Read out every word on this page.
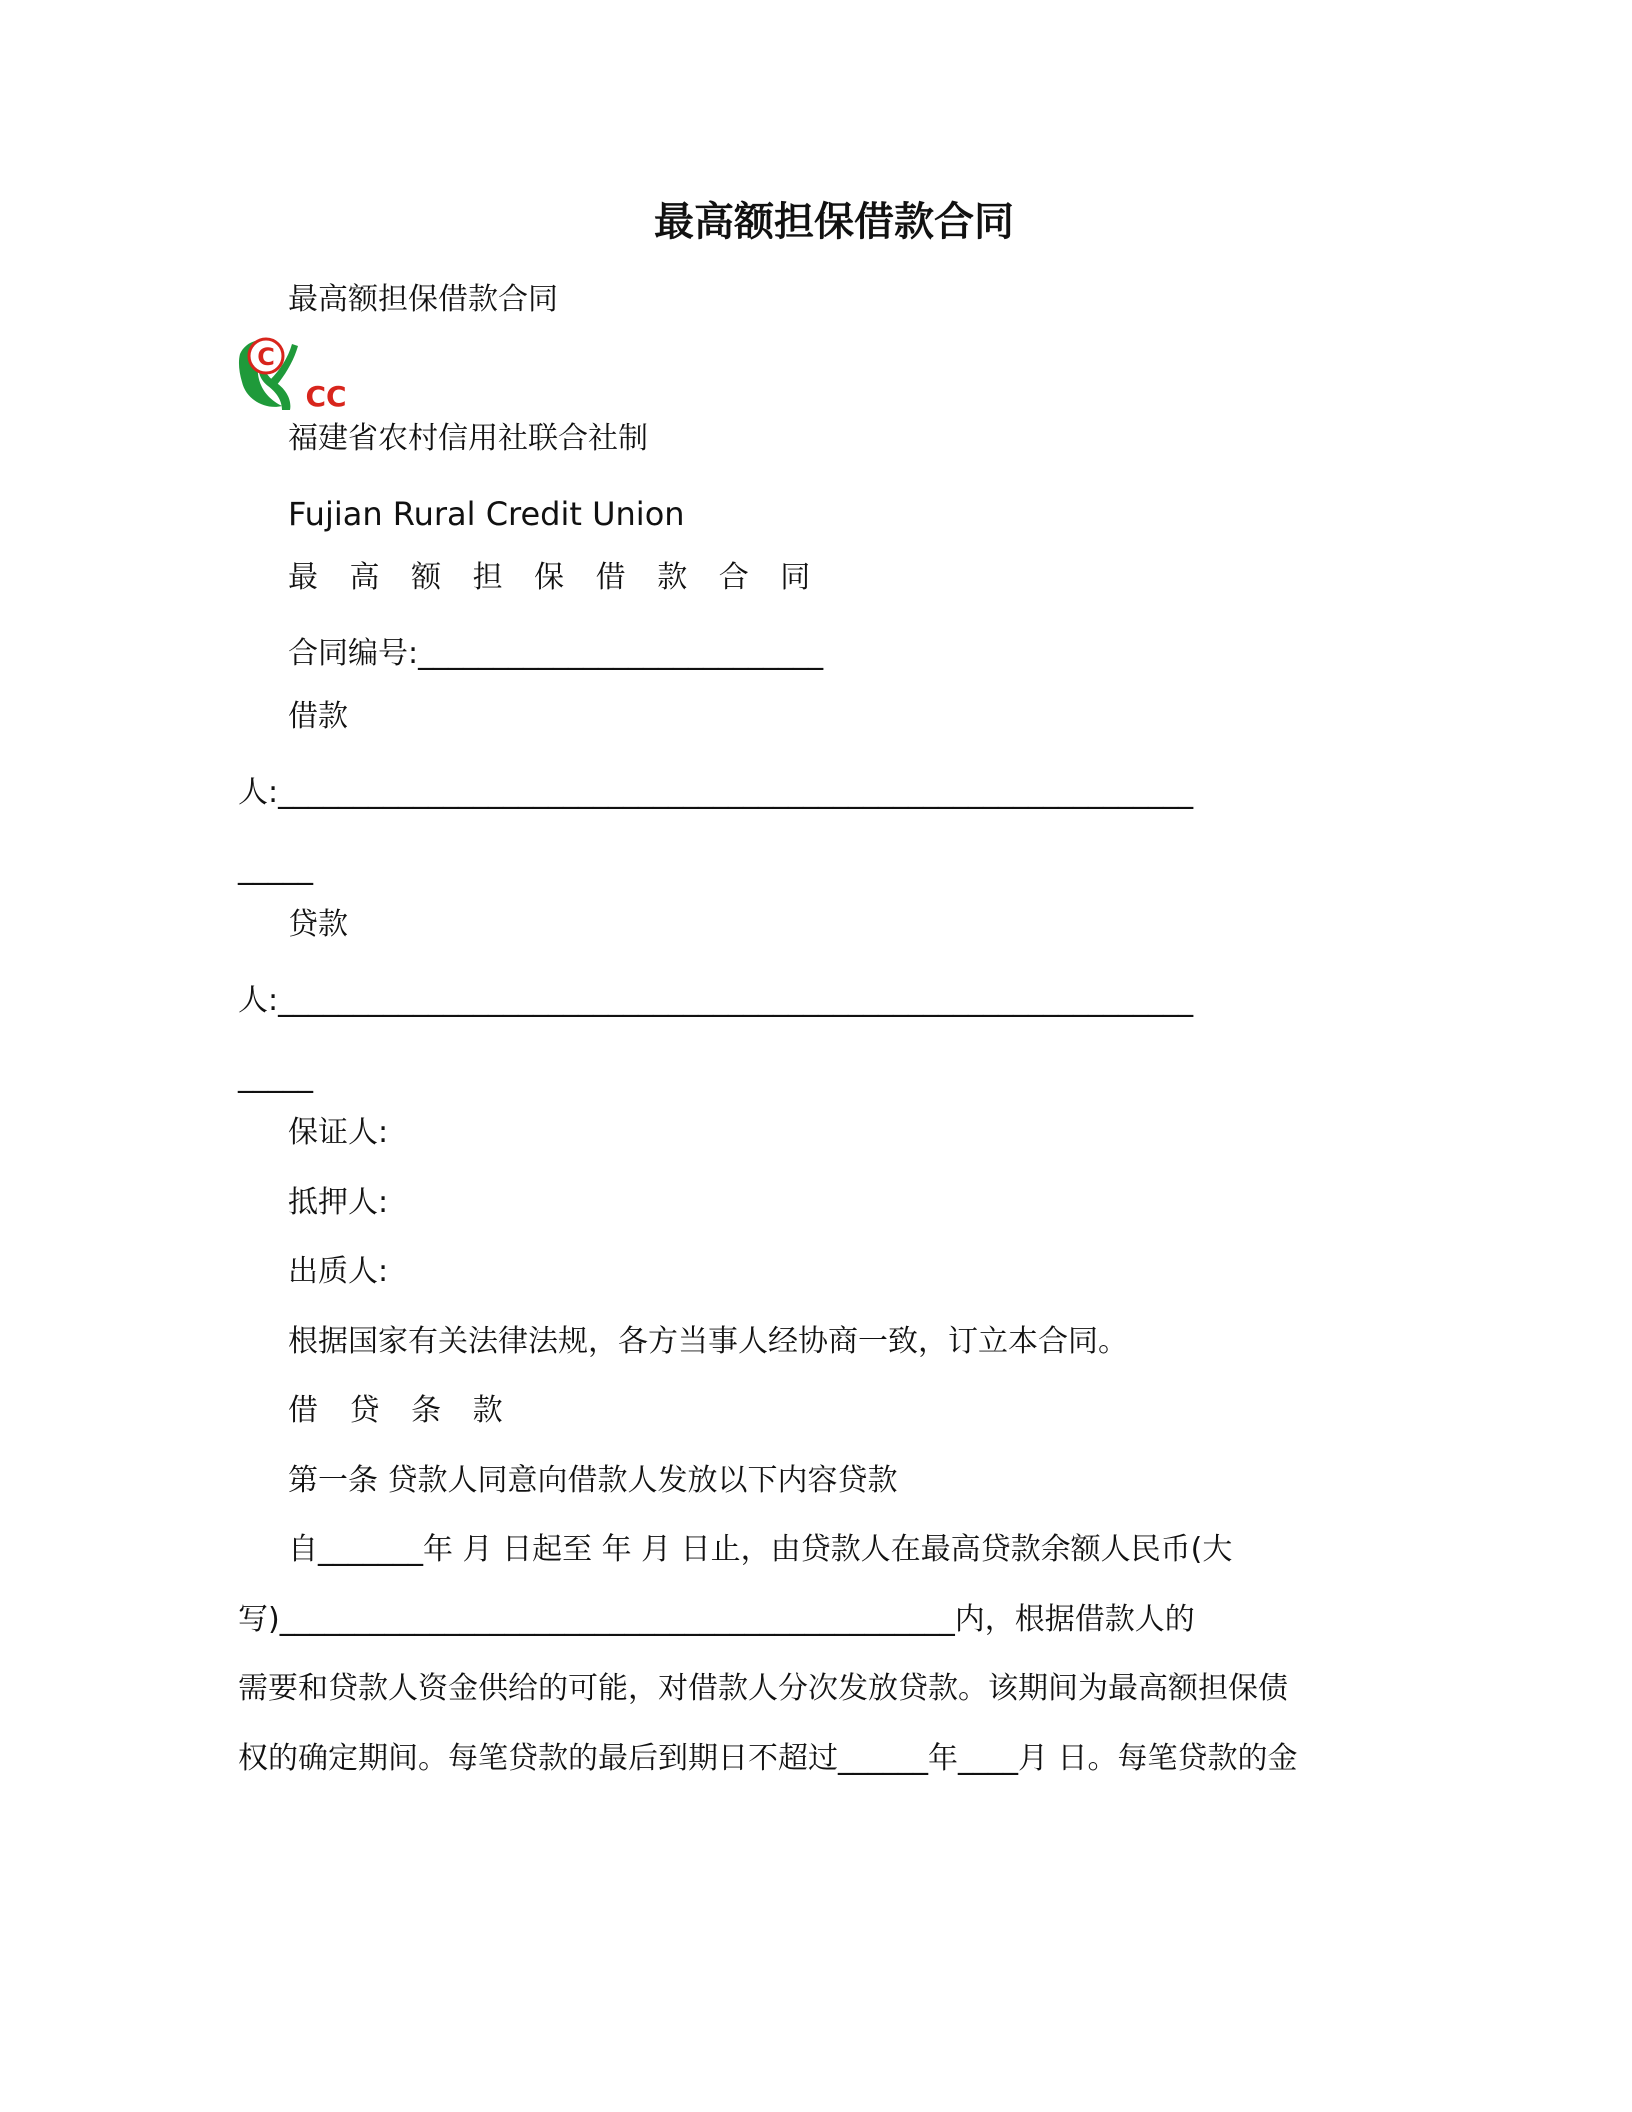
最高额担保借款合同
最高额担保借款合同
C
CC
福建省农村信用社联合社制
Fujian Rural Credit Union
最 高 额 担 保 借 款 合 同
合同编号:___________________________
借款
人:_____________________________________________________________
_____
贷款
人:_____________________________________________________________
_____
保证人:
抵押人:
出质人:
根据国家有关法律法规，各方当事人经协商一致，订立本合同。
借 贷 条 款
第一条 贷款人同意向借款人发放以下内容贷款
自_______年 月 日起至 年 月 日止，由贷款人在最高贷款余额人民币(大
写)_____________________________________________内，根据借款人的
需要和贷款人资金供给的可能，对借款人分次发放贷款。该期间为最高额担保债
权的确定期间。每笔贷款的最后到期日不超过______年____月 日。每笔贷款的金
